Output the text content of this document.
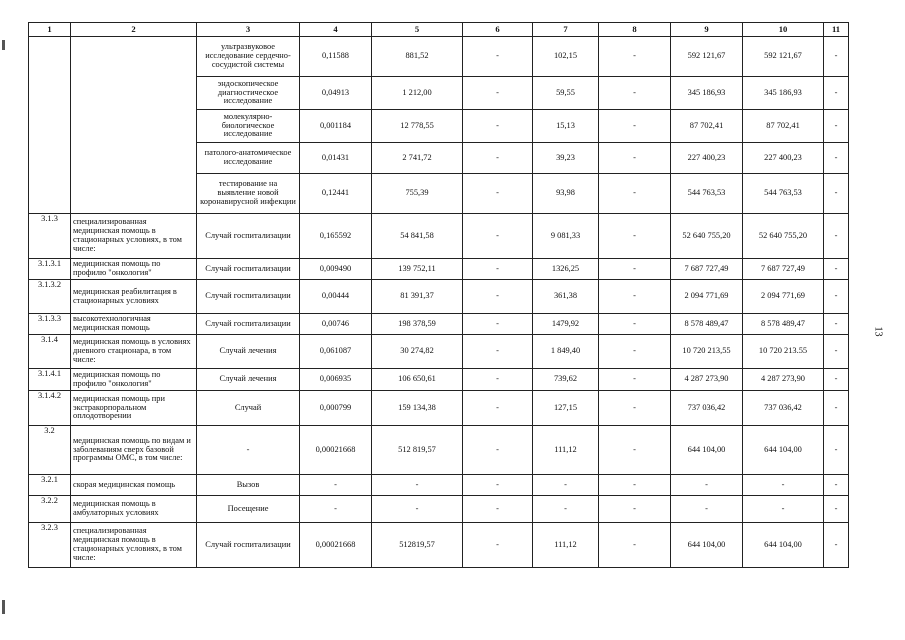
1	2	3	4	5	6	7	8	9	10	11
		ультразвуковое исследование сердечно-сосудистой системы	0,11588	881,52	-	102,15	-	592 121,67	592 121,67	-
		эндоскопическое диагностическое исследование	0,04913	1 212,00	-	59,55	-	345 186,93	345 186,93	-
		молекулярно-биологическое исследование	0,001184	12 778,55	-	15,13	-	87 702,41	87 702,41	-
		патолого-анатомическое исследование	0,01431	2 741,72	-	39,23	-	227 400,23	227 400,23	-
		тестирование на выявление новой коронавирусной инфекции	0,12441	755,39	-	93,98	-	544 763,53	544 763,53	-
3.1.3	специализированная медицинская помощь в стационарных условиях, в том числе:	Случай госпитализации	0,165592	54 841,58	-	9 081,33	-	52 640 755,20	52 640 755,20	-
3.1.3.1	медицинская помощь по профилю "онкология"	Случай госпитализации	0,009490	139 752,11	-	1326,25	-	7 687 727,49	7 687 727,49	-
3.1.3.2	медицинская реабилитация в стационарных условиях	Случай госпитализации	0,00444	81 391,37	-	361,38	-	2 094 771,69	2 094 771,69	-
3.1.3.3	высокотехнологичная медицинская помощь	Случай госпитализации	0,00746	198 378,59	-	1479,92	-	8 578 489,47	8 578 489,47	-
3.1.4	медицинская помощь в условиях дневного стационара, в том числе:	Случай лечения	0,061087	30 274,82	-	1 849,40	-	10 720 213,55	10 720 213.55	-
3.1.4.1	медицинская помощь по профилю "онкология"	Случай лечения	0,006935	106 650,61	-	739,62	-	4 287 273,90	4 287 273,90	-
3.1.4.2	медицинская помощь при экстракорпоральном оплодотворении	Случай	0,000799	159 134,38	-	127,15	-	737 036,42	737 036,42	-
3.2	медицинская помощь по видам и заболеваниям сверх базовой программы ОМС, в том числе:	-	0,00021668	512 819,57	-	111,12	-	644 104,00	644 104,00	-
3.2.1	скорая медицинская помощь	Вызов	-	-	-	-	-	-	-	-
3.2.2	медицинская помощь в амбулаторных условиях	Посещение	-	-	-	-	-	-	-	-
3.2.3	специализированная медицинская помощь в стационарных условиях, в том числе:	Случай госпитализации	0,00021668	512819,57	-	111,12	-	644 104,00	644 104,00	-
13
